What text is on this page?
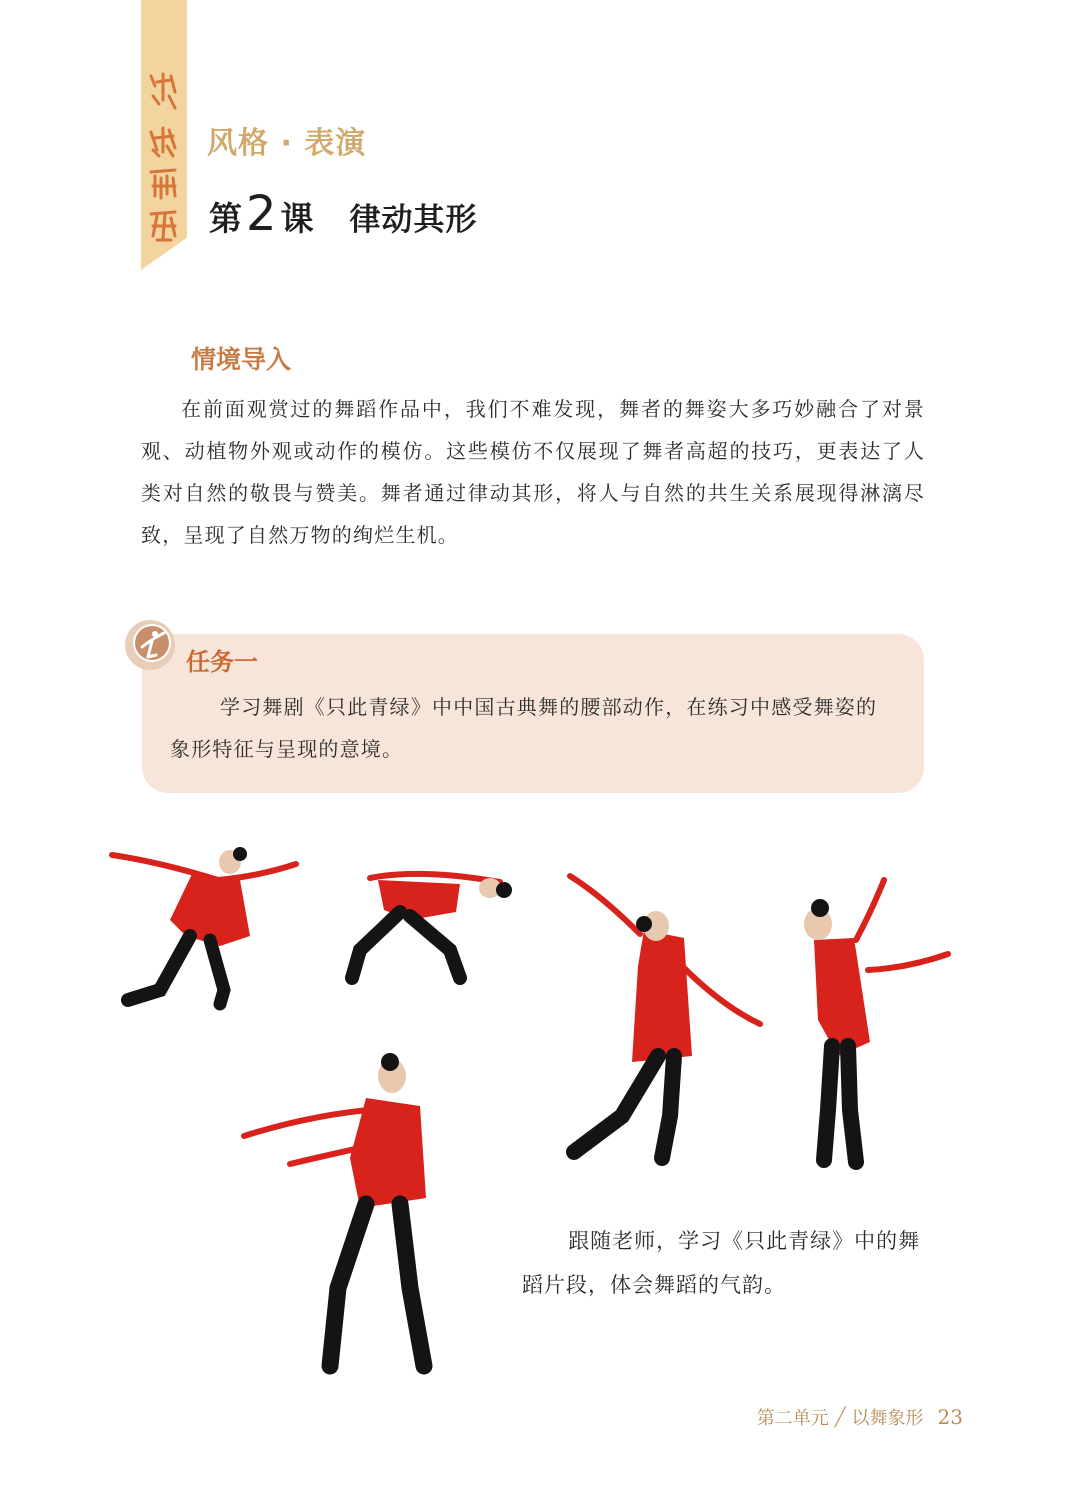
风格 · 表演
第 2 课 律动其形
情境导入
在前面观赏过的舞蹈作品中，我们不难发现，舞者的舞姿大多巧妙融合了对景观、动植物外观或动作的模仿。这些模仿不仅展现了舞者高超的技巧，更表达了人类对自然的敬畏与赞美。舞者通过律动其形，将人与自然的共生关系展现得淋漓尽致，呈现了自然万物的绚烂生机。
任务一
学习舞剧《只此青绿》中中国古典舞的腰部动作，在练习中感受舞姿的象形特征与呈现的意境。
跟随老师，学习《只此青绿》中的舞蹈片段，体会舞蹈的气韵。
第二单元 ╱ 以舞象形 23
